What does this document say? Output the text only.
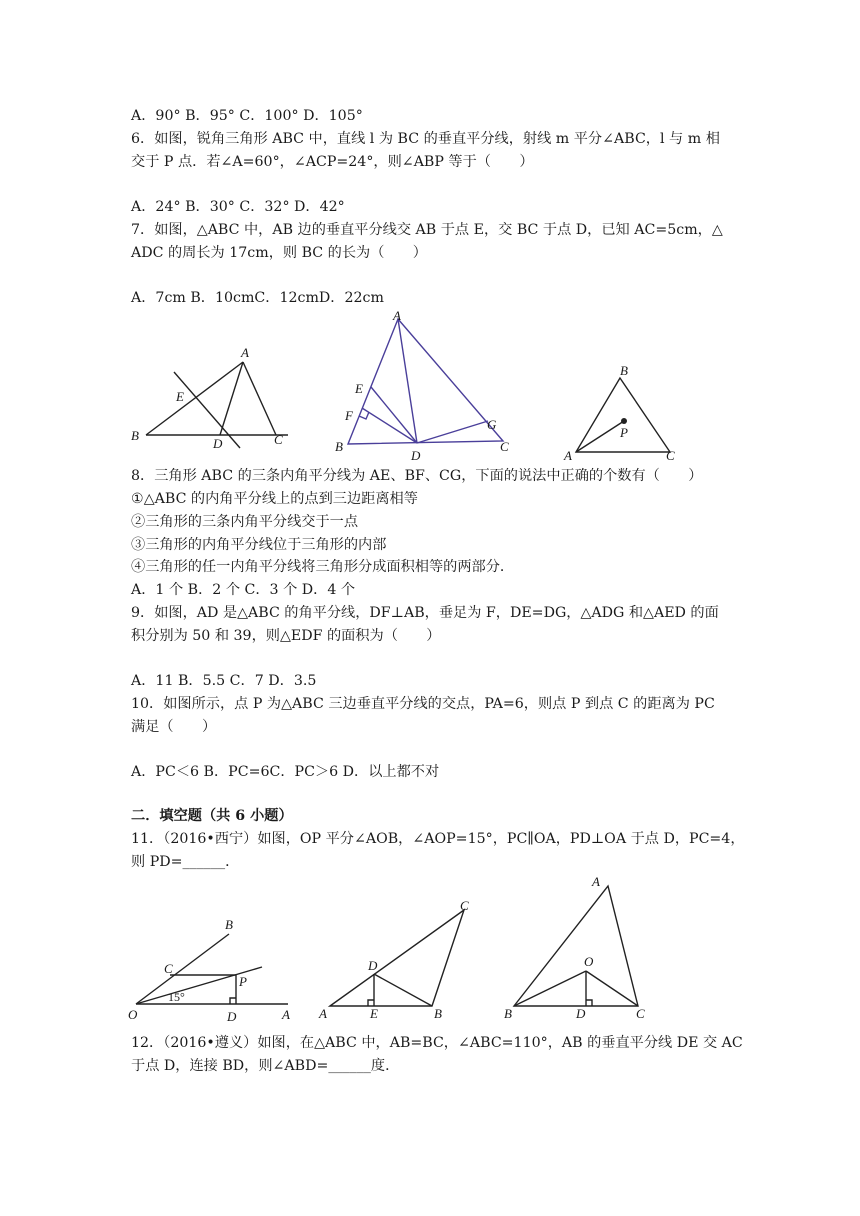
A．90° B．95° C．100° D．105°
6．如图，锐角三角形 ABC 中，直线 l 为 BC 的垂直平分线，射线 m 平分∠ABC，l 与 m 相
交于 P 点．若∠A=60°，∠ACP=24°，则∠ABP 等于（　　）
A．24° B．30° C．32° D．42°
7．如图，△ABC 中，AB 边的垂直平分线交 AB 于点 E，交 BC 于点 D，已知 AC=5cm，△
ADC 的周长为 17cm，则 BC 的长为（　　）
A．7cm B．10cmC．12cmD．22cm
8．三角形 ABC 的三条内角平分线为 AE、BF、CG，下面的说法中正确的个数有（　　）
①△ABC 的内角平分线上的点到三边距离相等
②三角形的三条内角平分线交于一点
③三角形的内角平分线位于三角形的内部
④三角形的任一内角平分线将三角形分成面积相等的两部分．
A．1 个 B．2 个 C．3 个 D．4 个
9．如图，AD 是△ABC 的角平分线，DF⊥AB，垂足为 F，DE=DG，△ADG 和△AED 的面
积分别为 50 和 39，则△EDF 的面积为（　　）
A．11 B．5.5 C．7 D．3.5
10．如图所示，点 P 为△ABC 三边垂直平分线的交点，PA=6，则点 P 到点 C 的距离为 PC
满足（　　）
A．PC＜6 B．PC=6C．PC＞6 D．以上都不对
二．填空题（共 6 小题）
11．（2016•西宁）如图，OP 平分∠AOB，∠AOP=15°，PC∥OA，PD⊥OA 于点 D，PC=4，
则 PD=______．
12．（2016•遵义）如图，在△ABC 中，AB=BC，∠ABC=110°，AB 的垂直平分线 DE 交 AC
于点 D，连接 BD，则∠ABD=______度．
A
E
B
D	C
A
E
F
B
D
G
C
B
P
A	C
B
C
P
O	D	A
15°
C
D
A	E	B
A
O
B	D	C
